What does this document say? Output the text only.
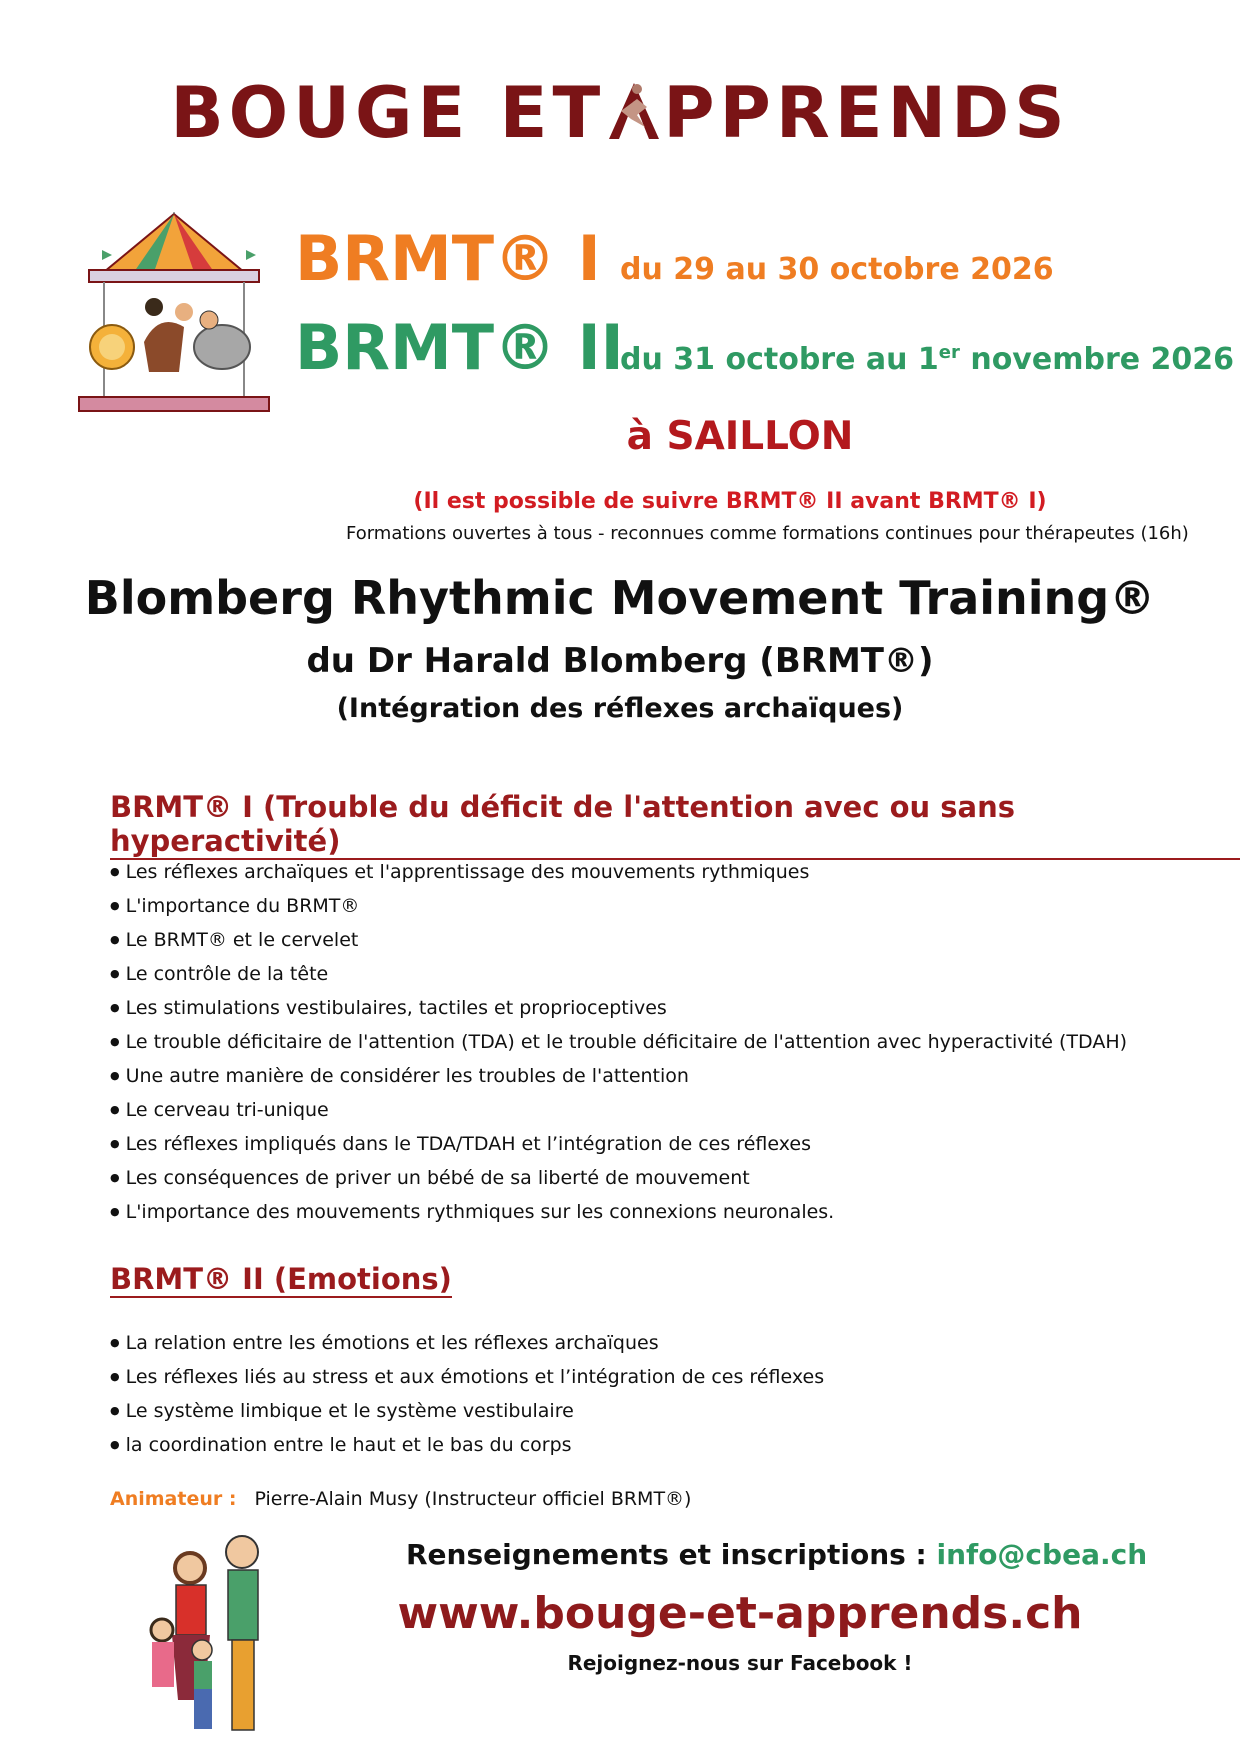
BOUGE ET PPRENDS
BRMT® I du 29 au 30 octobre 2026
BRMT® II
du 31 octobre au 1er novembre 2026
à SAILLON
(Il est possible de suivre BRMT® II avant BRMT® I)
Formations ouvertes à tous - reconnues comme formations continues pour thérapeutes (16h)
Blomberg Rhythmic Movement Training®
du Dr Harald Blomberg (BRMT®)
(Intégration des réflexes archaïques)
BRMT® I (Trouble du déficit de l'attention avec ou sans hyperactivité)
● Les réflexes archaïques et l'apprentissage des mouvements rythmiques
● L'importance du BRMT®
● Le BRMT® et le cervelet
● Le contrôle de la tête
● Les stimulations vestibulaires, tactiles et proprioceptives
● Le trouble déficitaire de l'attention (TDA) et le trouble déficitaire de l'attention avec hyperactivité (TDAH)
● Une autre manière de considérer les troubles de l'attention
● Le cerveau tri-unique
● Les réflexes impliqués dans le TDA/TDAH et l’intégration de ces réflexes
● Les conséquences de priver un bébé de sa liberté de mouvement
● L'importance des mouvements rythmiques sur les connexions neuronales.
BRMT® II (Emotions)
● La relation entre les émotions et les réflexes archaïques
● Les réflexes liés au stress et aux émotions et l’intégration de ces réflexes
● Le système limbique et le système vestibulaire
● la coordination entre le haut et le bas du corps
Animateur : Pierre-Alain Musy (Instructeur officiel BRMT®)
Renseignements et inscriptions : info@cbea.ch
www.bouge-et-apprends.ch
Rejoignez-nous sur Facebook !
